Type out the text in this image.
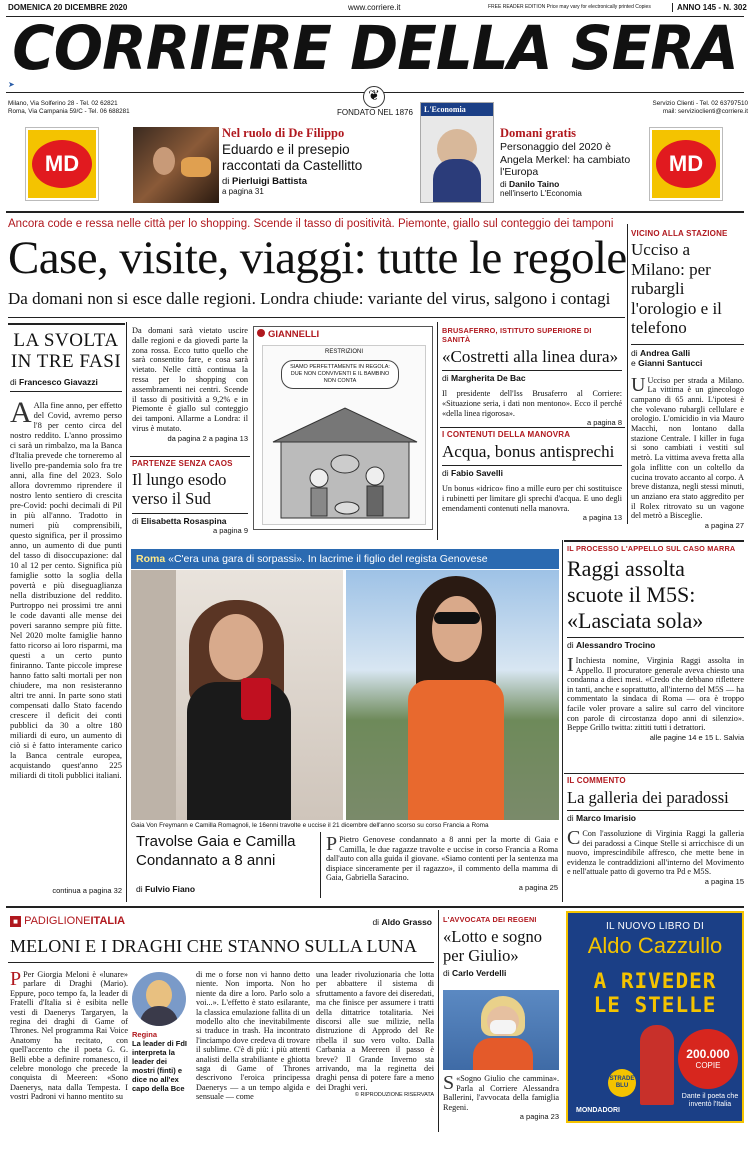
DOMENICA 20 DICEMBRE 2020	www.corriere.it	FREE READER EDITION Price may vary for electronically printed Copies	ANNO 145 - N. 302
CORRIERE DELLA SERA
➤
❦
FONDATO NEL 1876
Milano, Via Solferino 28 - Tel. 02 62821
Roma, Via Campania 59/C - Tel. 06 688281
Servizio Clienti - Tel. 02 63797510
mail: servizioclienti@corriere.it
MD	MD
Nel ruolo di De Filippo
Eduardo e il presepio raccontati da Castellitto
di Pierluigi Battista
a pagina 31
L'Economia
Domani gratis
Personaggio del 2020 è Angela Merkel: ha cambiato l'Europa
di Danilo Taino
nell'inserto L'Economia
Ancora code e ressa nelle città per lo shopping. Scende il tasso di positività. Piemonte, giallo sul conteggio dei tamponi
Case, visite, viaggi: tutte le regole
Da domani non si esce dalle regioni. Londra chiude: variante del virus, salgono i contagi
VICINO ALLA STAZIONE
Ucciso a Milano: per rubargli l'orologio e il telefono
di Andrea Galli
e Gianni Santucci
U Ucciso per strada a Milano. La vittima è un ginecologo campano di 65 anni. L'ipotesi è che volevano rubargli cellulare e orologio. L'omicidio in via Mauro Macchi, non lontano dalla stazione Centrale. I killer in fuga si sono cambiati i vestiti sul metrò. La vittima aveva fretta alla gola inflitte con un coltello da cucina trovato accanto al corpo. A breve distanza, negli stessi minuti, un anziano era stato aggredito per il Rolex ritrovato su un vagone del metrò a Bisceglie.
a pagina 27
LA SVOLTA IN TRE FASI
di Francesco Giavazzi
A Alla fine anno, per effetto del Covid, avremo perso l'8 per cento circa del nostro reddito. L'anno prossimo ci sarà un rimbalzo, ma la Banca d'Italia prevede che torneremo al livello pre-pandemia solo fra tre anni, alla fine del 2023. Solo allora dovremmo riprendere il nostro lento sentiero di crescita pre-Covid: pochi decimali di Pil in più all'anno. Tradotto in numeri più comprensibili, questo significa, per il prossimo anno, un aumento di due punti del tasso di disoccupazione: dal 10 al 12 per cento. Significa più famiglie sotto la soglia della povertà e più diseguaglianza nella distribuzione del reddito. Purtroppo nei prossimi tre anni le code davanti alle mense dei poveri saranno sempre più fitte. Nel 2020 molte famiglie hanno fatto ricorso ai loro risparmi, ma questi a un certo punto finiranno. Tante piccole imprese hanno fatto salti mortali per non chiudere, ma non resisteranno altri tre anni. In parte sono stati compensati dallo Stato facendo crescere il deficit dei conti pubblici da 30 a oltre 180 miliardi di euro, un aumento di ciò si è fatto interamente carico la Banca centrale europea, acquistando quest'anno 225 miliardi di titoli pubblici italiani.
continua a pagina 32
Da domani sarà vietato uscire dalle regioni e da giovedì parte la zona rossa. Ecco tutto quello che sarà consentito fare, e cosa sarà vietato. Nelle città continua la ressa per lo shopping con assembramenti nei centri. Scende il tasso di positività a 9,2% e in Piemonte è giallo sul conteggio dei tamponi. Allarme a Londra: il virus è mutato.
da pagina 2 a pagina 13
PARTENZE SENZA CAOS
Il lungo esodo verso il Sud
di Elisabetta Rosaspina
a pagina 9
GIANNELLI
RESTRIZIONI
SIAMO PERFETTAMENTE IN REGOLA: DUE NON CONVIVENTI E IL BAMBINO NON CONTA
BRUSAFERRO, ISTITUTO SUPERIORE DI SANITÀ
«Costretti alla linea dura»
di Margherita De Bac
Il presidente dell'Iss Brusaferro al Corriere: «Situazione seria, i dati non mentono». Ecco il perché «della linea rigorosa».
a pagina 8
I CONTENUTI DELLA MANOVRA
Acqua, bonus antisprechi
di Fabio Savelli
Un bonus «idrico» fino a mille euro per chi sostituisce i rubinetti per limitare gli sprechi d'acqua. E uno degli emendamenti contenuti nella manovra.
a pagina 13
Roma «C'era una gara di sorpassi». In lacrime il figlio del regista Genovese
Gaia Von Freymann e Camilla Romagnoli, le 16enni travolte e uccise il 21 dicembre dell'anno scorso su corso Francia a Roma
Travolse Gaia e Camilla Condannato a 8 anni
di Fulvio Fiano
P Pietro Genovese condannato a 8 anni per la morte di Gaia e Camilla, le due ragazze travolte e uccise in corso Francia a Roma dall'auto con alla guida il giovane. «Siamo contenti per la sentenza ma dispiace sinceramente per il ragazzo», il commento della mamma di Gaia, Gabriella Saracino.
a pagina 25
IL PROCESSO L'APPELLO SUL CASO MARRA
Raggi assolta scuote il M5S: «Lasciata sola»
di Alessandro Trocino
I Inchiesta nomine, Virginia Raggi assolta in Appello. Il procuratore generale aveva chiesto una condanna a dieci mesi. «Credo che debbano riflettere in tanti, anche e soprattutto, all'interno del M5S — ha commentato la sindaca di Roma — ora è troppo facile voler provare a salire sul carro del vincitore con parole di circostanza dopo anni di silenzio». Beppe Grillo twitta: zittiti tutti i detrattori.
alle pagine 14 e 15 L. Salvia
IL COMMENTO
La galleria dei paradossi
di Marco Imarisio
C Con l'assoluzione di Virginia Raggi la galleria dei paradossi a Cinque Stelle si arricchisce di un nuovo, imprescindibile affresco, che mette bene in evidenza le contraddizioni all'interno del Movimento e nell'attuale patto di governo tra Pd e M5S.
a pagina 15
■ PADIGLIONEITALIA	di Aldo Grasso
MELONI E I DRAGHI CHE STANNO SULLA LUNA
P Per Giorgia Meloni è «lunare» parlare di Draghi (Mario). Eppure, poco tempo fa, la leader di Fratelli d'Italia si è esibita nelle vesti di Daenerys Targaryen, la regina dei draghi di Game of Thrones. Nel programma Rai Voice Anatomy ha recitato, con quell'accento che il poeta G. G. Belli ebbe a definire romanesco, il celebre monologo che precede la conquista di Meereen: «Sono Daenerys, nata dalla Tempesta. I vostri Padroni vi hanno mentito su
Regina
La leader di FdI interpreta la leader dei mostri (finti) e dice no all'ex capo della Bce
di me o forse non vi hanno detto niente. Non importa. Non ho niente da dire a loro. Parlo solo a voi...». L'effetto è stato esilarante, la classica emulazione fallita di un modello alto che inevitabilmente si traduce in trash. Ha incontrato l'inciampo dove credeva di trovare il sublime. C'è di più: i più attenti analisti della strabiliante e ghiotta saga di Game of Thrones descrivono l'eroica principessa Daenerys — a un tempo algida e sensuale — come
una leader rivoluzionaria che lotta per abbattere il sistema di sfruttamento a favore dei diseredati, ma che finisce per assumere i tratti della dittatrice totalitaria. Nei discorsi alle sue milizie, nella distruzione di Approdo del Re ribella il suo vero volto. Dalla Carbania a Meereen il passo è breve? Il Grande Inverno sta arrivando, ma la reginetta dei draghi pensa di potere fare a meno dei Draghi veri.
© RIPRODUZIONE RISERVATA
L'AVVOCATA DEI REGENI
«Lotto e sogno per Giulio»
di Carlo Verdelli
S «Sogno Giulio che cammina». Parla al Corriere Alessandra Ballerini, l'avvocata della famiglia Regeni.
a pagina 23
IL NUOVO LIBRO DI
Aldo Cazzullo
A RIVEDER
LE STELLE
200.000
COPIE
STRADE BLU
Dante il poeta che inventò l'Italia
MONDADORI
